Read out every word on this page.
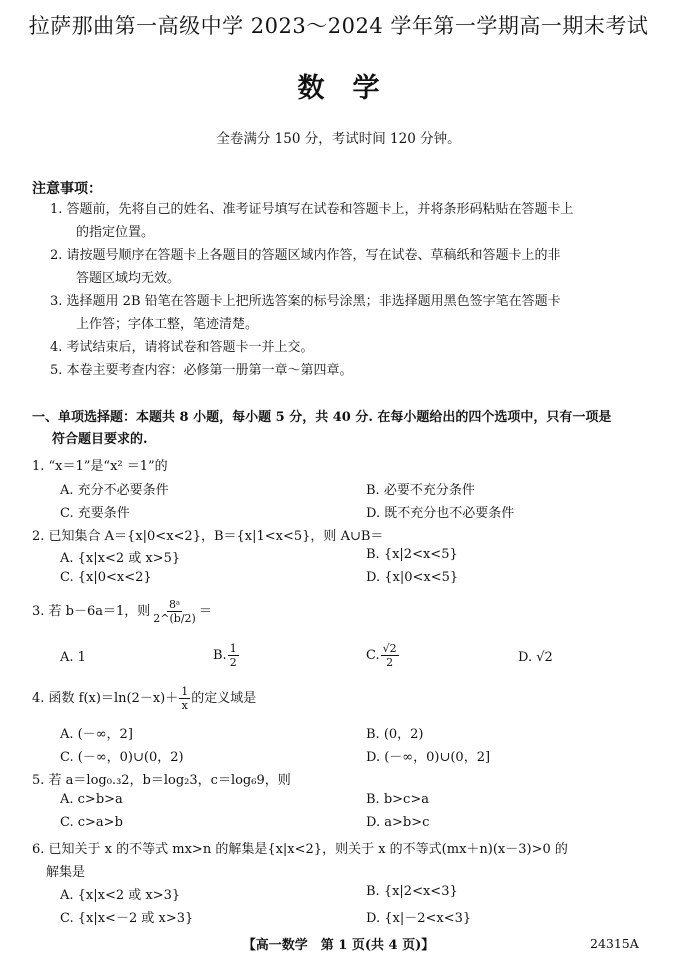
拉萨那曲第一高级中学 2023～2024 学年第一学期高一期末考试
数学
全卷满分 150 分，考试时间 120 分钟。
注意事项：
1. 答题前，先将自己的姓名、准考证号填写在试卷和答题卡上，并将条形码粘贴在答题卡上
的指定位置。
2. 请按题号顺序在答题卡上各题目的答题区域内作答，写在试卷、草稿纸和答题卡上的非
答题区域均无效。
3. 选择题用 2B 铅笔在答题卡上把所选答案的标号涂黑；非选择题用黑色签字笔在答题卡
上作答；字体工整，笔迹清楚。
4. 考试结束后，请将试卷和答题卡一并上交。
5. 本卷主要考查内容：必修第一册第一章～第四章。
一、单项选择题：本题共 8 小题，每小题 5 分，共 40 分. 在每小题给出的四个选项中，只有一项是
符合题目要求的.
1. “x＝1”是“x² ＝1”的
A. 充分不必要条件	B. 必要不充分条件
C. 充要条件	D. 既不充分也不必要条件
2. 已知集合 A＝{x|0<x<2}，B＝{x|1<x<5}，则 A∪B＝
A. {x|x<2 或 x>5}	B. {x|2<x<5}
C. {x|0<x<2}	D. {x|0<x<5}
3. 若 b－6a＝1，则 $\frac{\text{8ᵃ}}{2\^{}(b/2)}$ ＝
A. 1	B. $\frac{1}{2}$	C. $\frac{√2}{2}$	D. √2
4. 函数 $f(x)=\ln(2-x)+ \frac{1}{x}$ 的定义域是
A. (－∞，2]	B. (0，2)
C. (－∞，0)∪(0，2)	D. (－∞，0)∪(0，2]
5. 若 a＝log₀.₃2，b＝log₂3，c＝log₆9，则
A. c>b>a	B. b>c>a
C. c>a>b	D. a>b>c
6. 已知关于 x 的不等式 mx>n 的解集是{x|x<2}，则关于 x 的不等式(mx＋n)(x－3)>0 的
解集是
A. {x|x<2 或 x>3}	B. {x|2<x<3}
C. {x|x<－2 或 x>3}	D. {x|－2<x<3}
【高一数学　第 1 页(共 4 页)】	24315A
